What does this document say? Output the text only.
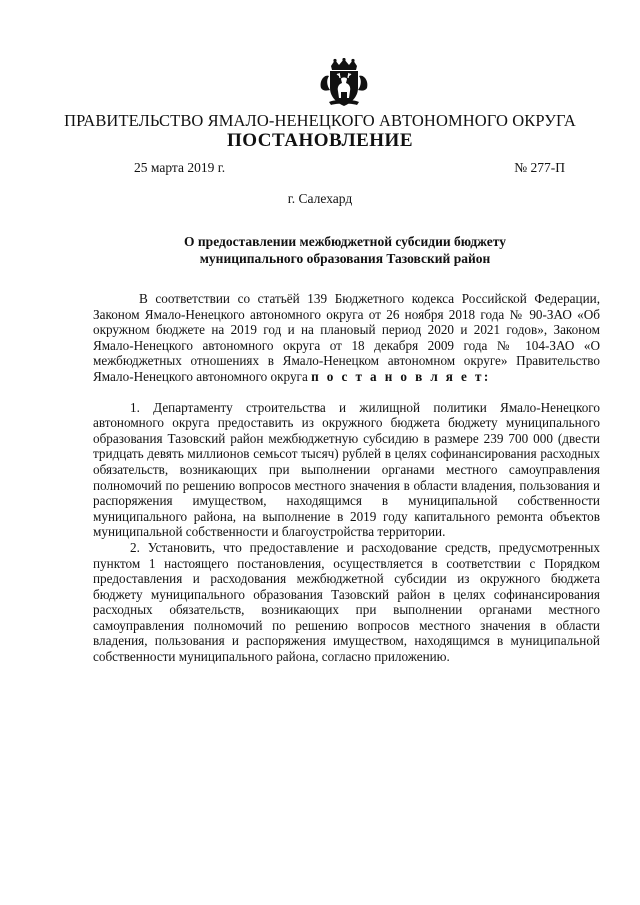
ПРАВИТЕЛЬСТВО ЯМАЛО-НЕНЕЦКОГО АВТОНОМНОГО ОКРУГА
ПОСТАНОВЛЕНИЕ
25 марта 2019 г.	№ 277-П
г. Салехард
О предоставлении межбюджетной субсидии бюджету
муниципального образования Тазовский район

В соответствии со статьёй 139 Бюджетного кодекса Российской Федерации, Законом Ямало-Ненецкого автономного округа от 26 ноября 2018 года № 90-ЗАО «Об окружном бюджете на 2019 год и на плановый период 2020 и 2021 годов», Законом Ямало-Ненецкого автономного округа от 18 декабря 2009 года № 104-ЗАО «О межбюджетных отношениях в Ямало-Ненецком автономном округе» Правительство Ямало-Ненецкого автономного округа п о с т а н о в л я е т:

1. Департаменту строительства и жилищной политики Ямало-Ненецкого автономного округа предоставить из окружного бюджета бюджету муниципального образования Тазовский район межбюджетную субсидию в размере 239 700 000 (двести тридцать девять миллионов семьсот тысяч) рублей в целях софинансирования расходных обязательств, возникающих при выполнении органами местного самоуправления полномочий по решению вопросов местного значения в области владения, пользования и распоряжения имуществом, находящимся в муниципальной собственности муниципального района, на выполнение в 2019 году капитального ремонта объектов муниципальной собственности и благоустройства территории.

2. Установить, что предоставление и расходование средств, предусмотренных пунктом 1 настоящего постановления, осуществляется в соответствии с Порядком предоставления и расходования межбюджетной субсидии из окружного бюджета бюджету муниципального образования Тазовский район в целях софинансирования расходных обязательств, возникающих при выполнении органами местного самоуправления полномочий по решению вопросов местного значения в области владения, пользования и распоряжения имуществом, находящимся в муниципальной собственности муниципального района, согласно приложению.
